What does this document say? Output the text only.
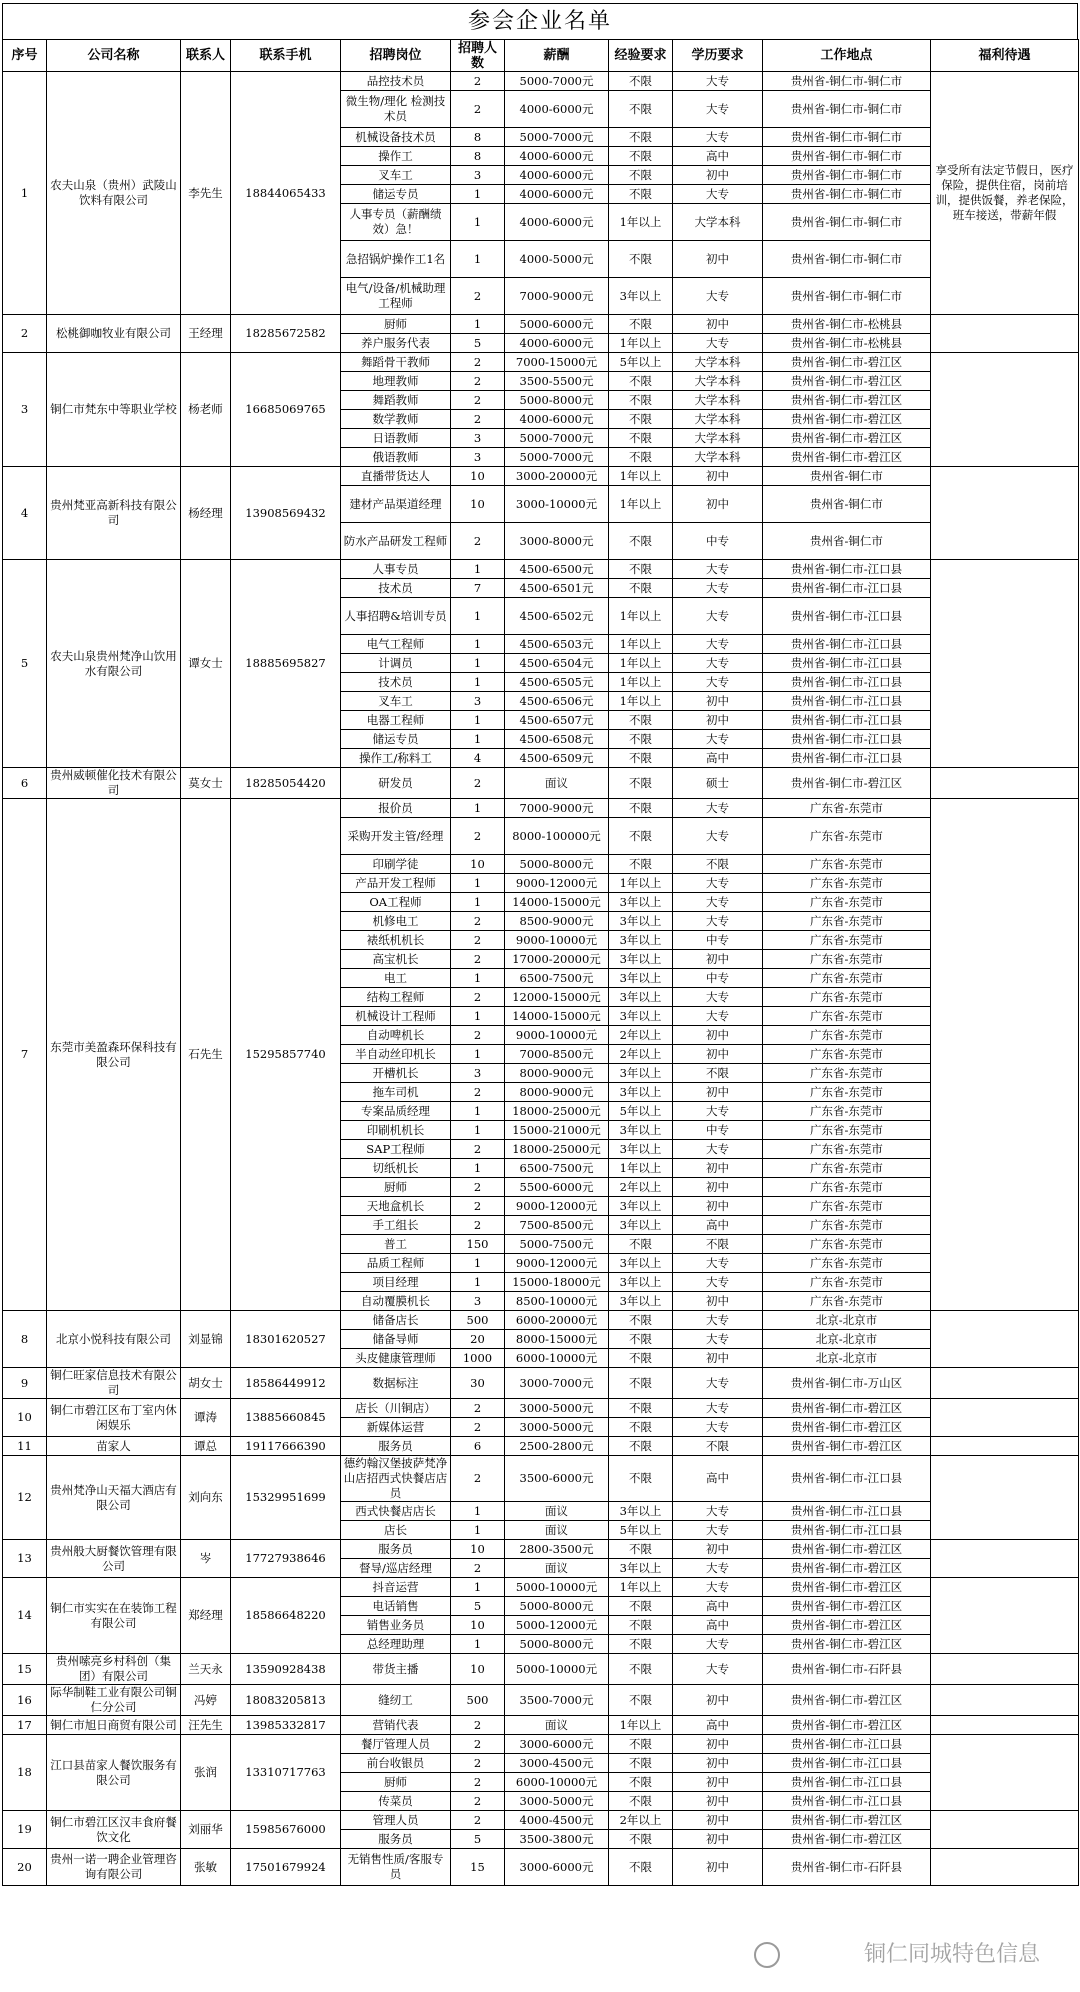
参会企业名单
序号	公司名称	联系人	联系手机	招聘岗位	招聘人数	薪酬	经验要求	学历要求	工作地点	福利待遇
1	农夫山泉（贵州）武陵山饮料有限公司	李先生	18844065433	品控技术员	2	5000-7000元	不限	大专	贵州省-铜仁市-铜仁市	享受所有法定节假日，医疗保险，提供住宿，岗前培训，提供饭餐，养老保险，班车接送，带薪年假
				微生物/理化 检测技术员	2	4000-6000元	不限	大专	贵州省-铜仁市-铜仁市	
				机械设备技术员	8	5000-7000元	不限	大专	贵州省-铜仁市-铜仁市	
				操作工	8	4000-6000元	不限	高中	贵州省-铜仁市-铜仁市	
				叉车工	3	4000-6000元	不限	初中	贵州省-铜仁市-铜仁市	
				储运专员	1	4000-6000元	不限	大专	贵州省-铜仁市-铜仁市	
				人事专员（薪酬绩效）急！	1	4000-6000元	1年以上	大学本科	贵州省-铜仁市-铜仁市	
				急招锅炉操作工1名	1	4000-5000元	不限	初中	贵州省-铜仁市-铜仁市	
				电气/设备/机械助理工程师	2	7000-9000元	3年以上	大专	贵州省-铜仁市-铜仁市	
2	松桃御咖牧业有限公司	王经理	18285672582	厨师	1	5000-6000元	不限	初中	贵州省-铜仁市-松桃县	
				养户服务代表	5	4000-6000元	1年以上	大专	贵州省-铜仁市-松桃县	
3	铜仁市梵东中等职业学校	杨老师	16685069765	舞蹈骨干教师	2	7000-15000元	5年以上	大学本科	贵州省-铜仁市-碧江区	
				地理教师	2	3500-5500元	不限	大学本科	贵州省-铜仁市-碧江区	
				舞蹈教师	2	5000-8000元	不限	大学本科	贵州省-铜仁市-碧江区	
				数学教师	2	4000-6000元	不限	大学本科	贵州省-铜仁市-碧江区	
				日语教师	3	5000-7000元	不限	大学本科	贵州省-铜仁市-碧江区	
				俄语教师	3	5000-7000元	不限	大学本科	贵州省-铜仁市-碧江区	
4	贵州梵亚高新科技有限公司	杨经理	13908569432	直播带货达人	10	3000-20000元	1年以上	初中	贵州省-铜仁市	
				建材产品渠道经理	10	3000-10000元	1年以上	初中	贵州省-铜仁市	
				防水产品研发工程师	2	3000-8000元	不限	中专	贵州省-铜仁市	
5	农夫山泉贵州梵净山饮用水有限公司	谭女士	18885695827	人事专员	1	4500-6500元	不限	大专	贵州省-铜仁市-江口县	
				技术员	7	4500-6501元	不限	大专	贵州省-铜仁市-江口县	
				人事招聘&培训专员	1	4500-6502元	1年以上	大专	贵州省-铜仁市-江口县	
				电气工程师	1	4500-6503元	1年以上	大专	贵州省-铜仁市-江口县	
				计调员	1	4500-6504元	1年以上	大专	贵州省-铜仁市-江口县	
				技术员	1	4500-6505元	1年以上	大专	贵州省-铜仁市-江口县	
				叉车工	3	4500-6506元	1年以上	初中	贵州省-铜仁市-江口县	
				电器工程师	1	4500-6507元	不限	初中	贵州省-铜仁市-江口县	
				储运专员	1	4500-6508元	不限	大专	贵州省-铜仁市-江口县	
				操作工/称料工	4	4500-6509元	不限	高中	贵州省-铜仁市-江口县	
6	贵州威顿催化技术有限公司	莫女士	18285054420	研发员	2	面议	不限	硕士	贵州省-铜仁市-碧江区	
7	东莞市美盈森环保科技有限公司	石先生	15295857740	报价员	1	7000-9000元	不限	大专	广东省-东莞市	
				采购开发主管/经理	2	8000-100000元	不限	大专	广东省-东莞市	
				印刷学徒	10	5000-8000元	不限	不限	广东省-东莞市	
				产品开发工程师	1	9000-12000元	1年以上	大专	广东省-东莞市	
				OA工程师	1	14000-15000元	3年以上	大专	广东省-东莞市	
				机修电工	2	8500-9000元	3年以上	大专	广东省-东莞市	
				裱纸机机长	2	9000-10000元	3年以上	中专	广东省-东莞市	
				高宝机长	2	17000-20000元	3年以上	初中	广东省-东莞市	
				电工	1	6500-7500元	3年以上	中专	广东省-东莞市	
				结构工程师	2	12000-15000元	3年以上	大专	广东省-东莞市	
				机械设计工程师	1	14000-15000元	3年以上	大专	广东省-东莞市	
				自动啤机长	2	9000-10000元	2年以上	初中	广东省-东莞市	
				半自动丝印机长	1	7000-8500元	2年以上	初中	广东省-东莞市	
				开槽机长	3	8000-9000元	3年以上	不限	广东省-东莞市	
				拖车司机	2	8000-9000元	3年以上	初中	广东省-东莞市	
				专案品质经理	1	18000-25000元	5年以上	大专	广东省-东莞市	
				印刷机机长	1	15000-21000元	3年以上	中专	广东省-东莞市	
				SAP工程师	2	18000-25000元	3年以上	大专	广东省-东莞市	
				切纸机长	1	6500-7500元	1年以上	初中	广东省-东莞市	
				厨师	2	5500-6000元	2年以上	初中	广东省-东莞市	
				天地盒机长	2	9000-12000元	3年以上	初中	广东省-东莞市	
				手工组长	2	7500-8500元	3年以上	高中	广东省-东莞市	
				普工	150	5000-7500元	不限	不限	广东省-东莞市	
				品质工程师	1	9000-12000元	3年以上	大专	广东省-东莞市	
				项目经理	1	15000-18000元	3年以上	大专	广东省-东莞市	
				自动覆膜机长	3	8500-10000元	3年以上	初中	广东省-东莞市	
8	北京小悦科技有限公司	刘显锦	18301620527	储备店长	500	6000-20000元	不限	大专	北京-北京市	
				储备导师	20	8000-15000元	不限	大专	北京-北京市	
				头皮健康管理师	1000	6000-10000元	不限	初中	北京-北京市	
9	铜仁旺家信息技术有限公司	胡女士	18586449912	数据标注	30	3000-7000元	不限	大专	贵州省-铜仁市-万山区	
10	铜仁市碧江区布丁室内休闲娱乐	谭涛	13885660845	店长（川铜店）	2	3000-5000元	不限	大专	贵州省-铜仁市-碧江区	
				新媒体运营	2	3000-5000元	不限	大专	贵州省-铜仁市-碧江区	
11	苗家人	谭总	19117666390	服务员	6	2500-2800元	不限	不限	贵州省-铜仁市-碧江区	
12	贵州梵净山天福大酒店有限公司	刘向东	15329951699	德约翰汉堡披萨梵净山店招西式快餐店店员	2	3500-6000元	不限	高中	贵州省-铜仁市-江口县	
				西式快餐店店长	1	面议	3年以上	大专	贵州省-铜仁市-江口县	
				店长	1	面议	5年以上	大专	贵州省-铜仁市-江口县	
13	贵州般大厨餐饮管理有限公司	岑	17727938646	服务员	10	2800-3500元	不限	初中	贵州省-铜仁市-碧江区	
				督导/巡店经理	2	面议	3年以上	大专	贵州省-铜仁市-碧江区	
14	铜仁市实实在在装饰工程有限公司	郑经理	18586648220	抖音运营	1	5000-10000元	1年以上	大专	贵州省-铜仁市-碧江区	
				电话销售	5	5000-8000元	不限	高中	贵州省-铜仁市-碧江区	
				销售业务员	10	5000-12000元	不限	高中	贵州省-铜仁市-碧江区	
				总经理助理	1	5000-8000元	不限	大专	贵州省-铜仁市-碧江区	
15	贵州嗦亮乡村科创（集团）有限公司	兰天永	13590928438	带货主播	10	5000-10000元	不限	大专	贵州省-铜仁市-石阡县	
16	际华制鞋工业有限公司铜仁分公司	冯婷	18083205813	缝纫工	500	3500-7000元	不限	初中	贵州省-铜仁市-碧江区	
17	铜仁市旭日商贸有限公司	汪先生	13985332817	营销代表	2	面议	1年以上	高中	贵州省-铜仁市-碧江区	
18	江口县苗家人餐饮服务有限公司	张润	13310717763	餐厅管理人员	2	3000-6000元	不限	初中	贵州省-铜仁市-江口县	
				前台收银员	2	3000-4500元	不限	初中	贵州省-铜仁市-江口县	
				厨师	2	6000-10000元	不限	初中	贵州省-铜仁市-江口县	
				传菜员	2	3000-5000元	不限	初中	贵州省-铜仁市-江口县	
19	铜仁市碧江区汉丰食府餐饮文化	刘丽华	15985676000	管理人员	2	4000-4500元	2年以上	初中	贵州省-铜仁市-碧江区	
				服务员	5	3500-3800元	不限	初中	贵州省-铜仁市-碧江区	
20	贵州一诺一聘企业管理咨询有限公司	张敏	17501679924	无销售性质/客服专员	15	3000-6000元	不限	初中	贵州省-铜仁市-石阡县	
铜仁同城特色信息
